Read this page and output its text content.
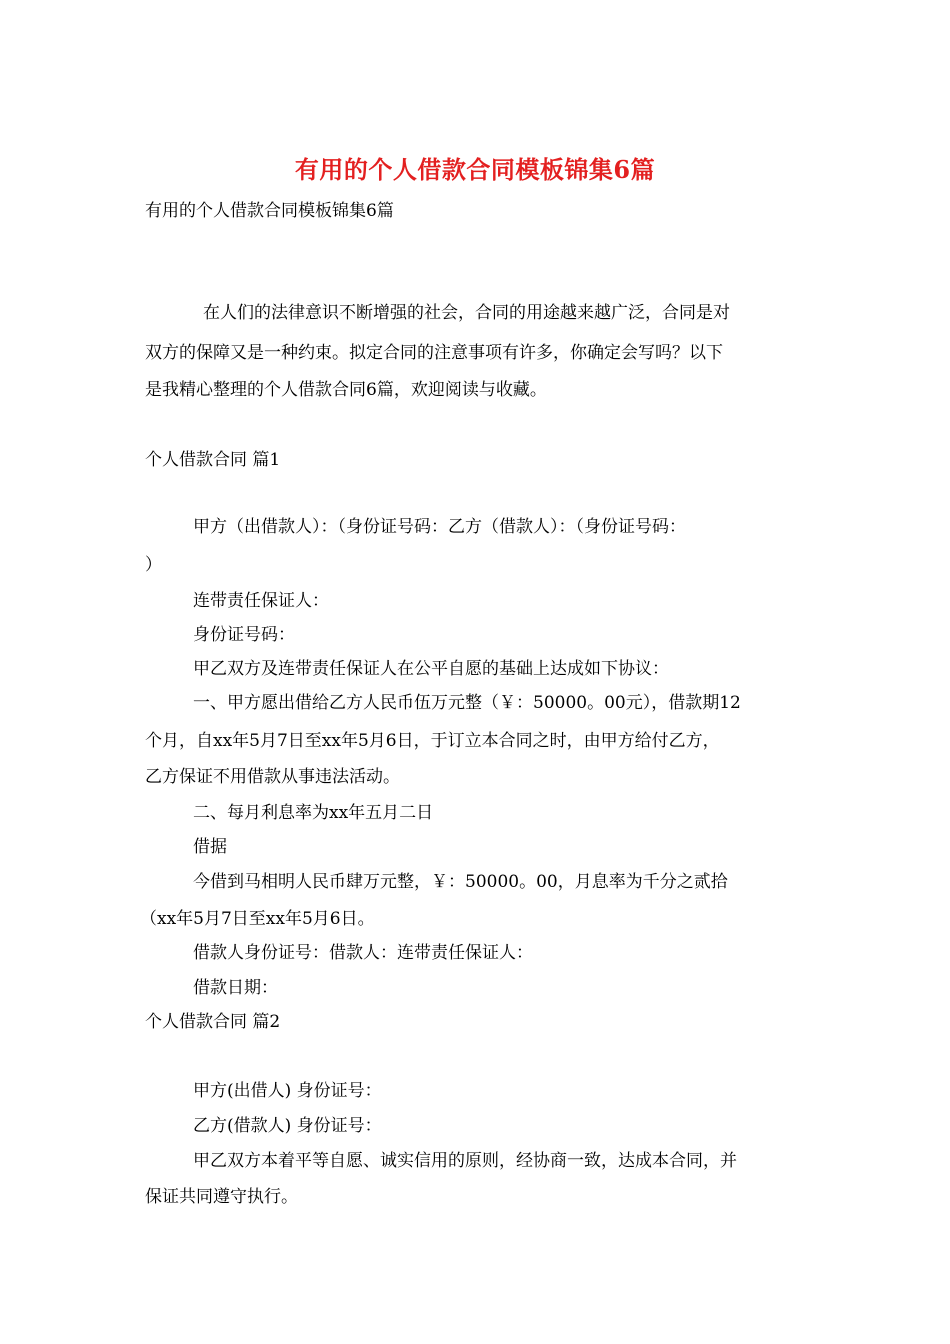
有用的个人借款合同模板锦集6篇
有用的个人借款合同模板锦集6篇
在人们的法律意识不断增强的社会，合同的用途越来越广泛，合同是对
双方的保障又是一种约束。拟定合同的注意事项有许多，你确定会写吗？以下
是我精心整理的个人借款合同6篇，欢迎阅读与收藏。
个人借款合同 篇1
甲方（出借款人）：（身份证号码：乙方（借款人）：（身份证号码：
）
连带责任保证人：
身份证号码：
甲乙双方及连带责任保证人在公平自愿的基础上达成如下协议：
一、甲方愿出借给乙方人民币伍万元整（￥：50000。00元），借款期12
个月，自xx年5月7日至xx年5月6日，于订立本合同之时，由甲方给付乙方，
乙方保证不用借款从事违法活动。
二、每月利息率为xx年五月二日
借据
今借到马相明人民币肆万元整，￥：50000。00，月息率为千分之贰拾
（xx年5月7日至xx年5月6日。
借款人身份证号：借款人：连带责任保证人：
借款日期：
个人借款合同 篇2
甲方(出借人) 身份证号：
乙方(借款人) 身份证号：
甲乙双方本着平等自愿、诚实信用的原则，经协商一致，达成本合同，并
保证共同遵守执行。
